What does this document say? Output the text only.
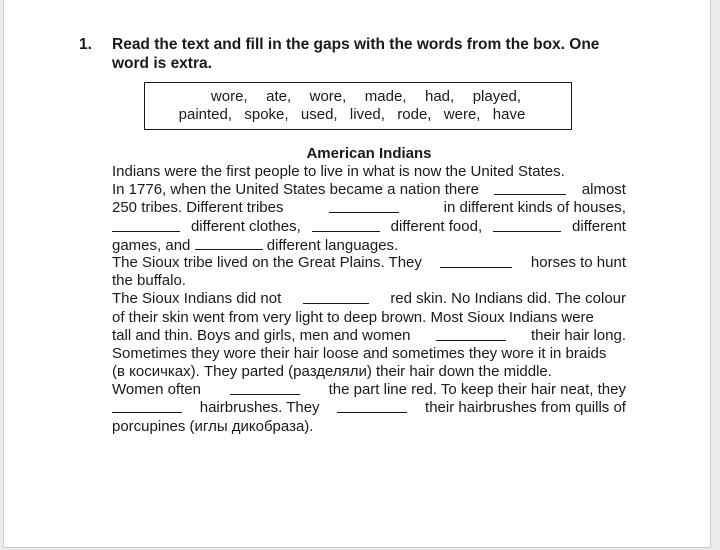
1. Read the text and fill in the gaps with the words from the box. One word is extra.
wore,   ate,   wore,   made,   had,   played,
painted,  spoke,  used,  lived,  rode,  were,  have
American Indians
Indians were the first people to live in what is now the United States.
In 1776, when the United States became a nation there	almost
250 tribes. Different tribes	in different kinds of houses,
different clothes,	different food,	different
games, and	different languages.
The Sioux tribe lived on the Great Plains. They	horses to hunt
the buffalo.
The Sioux Indians did not	red skin. No Indians did. The colour
of their skin went from very light to deep brown. Most Sioux Indians were
tall and thin. Boys and girls, men and women	their hair long.
Sometimes they wore their hair loose and sometimes they wore it in braids
(в косичках). They parted (разделяли) their hair down the middle.
Women often	the part line red. To keep their hair neat, they
hairbrushes. They	their hairbrushes from quills of
porcupines (иглы дикобраза).
